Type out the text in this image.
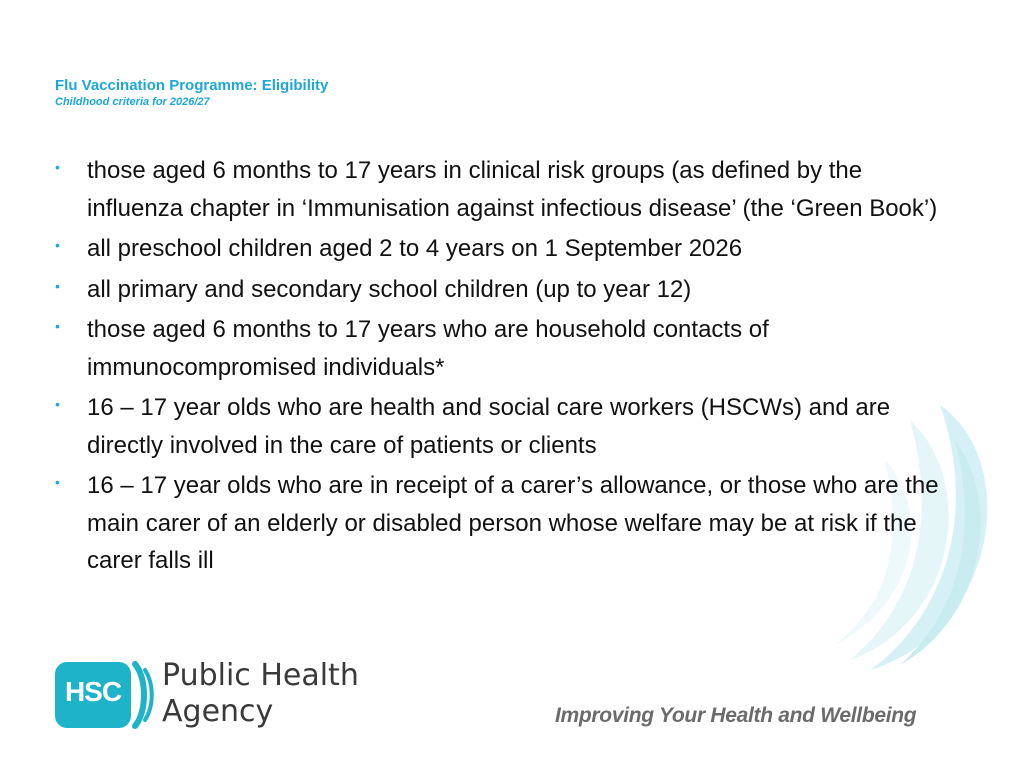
Flu Vaccination Programme: Eligibility
Childhood criteria for 2026/27
• those aged 6 months to 17 years in clinical risk groups (as defined by the influenza chapter in ‘Immunisation against infectious disease’ (the ‘Green Book’)
• all preschool children aged 2 to 4 years on 1 September 2026
• all primary and secondary school children (up to year 12)
• those aged 6 months to 17 years who are household contacts of immunocompromised individuals*
• 16 – 17 year olds who are health and social care workers (HSCWs) and are directly involved in the care of patients or clients
• 16 – 17 year olds who are in receipt of a carer’s allowance, or those who are the main carer of an elderly or disabled person whose welfare may be at risk if the carer falls ill
HSC Public Health
Agency	Improving Your Health and Wellbeing
